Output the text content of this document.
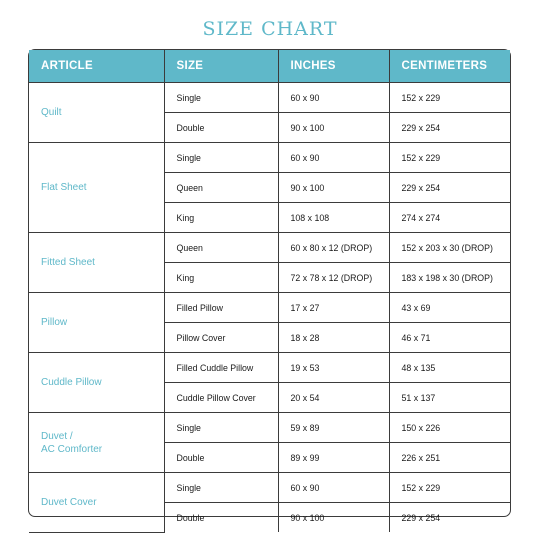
SIZE CHART
ARTICLE	SIZE	INCHES	CENTIMETERS

Quilt	Single	60 x 90	152 x 229
	Double	90 x 100	229 x 254

Flat Sheet	Single	60 x 90	152 x 229
	Queen	90 x 100	229 x 254
	King	108 x 108	274 x 274

Fitted Sheet	Queen	60 x 80 x 12 (DROP)	152 x 203 x 30 (DROP)
	King	72 x 78 x 12 (DROP)	183 x 198 x 30 (DROP)

Pillow	Filled Pillow	17 x 27	43 x 69
	Pillow Cover	18 x 28	46 x 71

Cuddle Pillow	Filled Cuddle Pillow	19 x 53	48 x 135
	Cuddle Pillow Cover	20 x 54	51 x 137

Duvet /
AC Comforter	Single	59 x 89	150 x 226
	Double	89 x 99	226 x 251

Duvet Cover	Single	60 x 90	152 x 229
	Double	90 x 100	229 x 254
